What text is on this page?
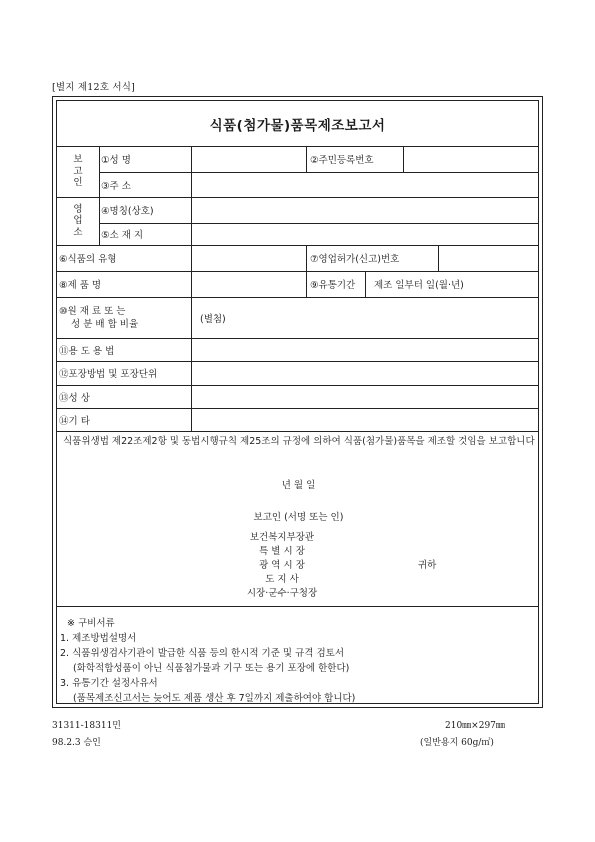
[별지 제12호 서식]
식품(첨가물)품목제조보고서
보
고
인
영
업
소
①성 명	②주민등록번호
③주 소
④명칭(상호)
⑤소 재 지
⑥식품의 유형	⑦영업허가(신고)번호
⑧제 품 명	⑨유통기간	제조 일부터 일(월·년)
⑩원 재 료 또 는
성 분 배 합 비율	(별첨)
⑪용 도 용 법
⑫포장방법 및 포장단위
⑬성 상
⑭기 타
식품위생법 제22조제2항 및 동법시행규칙 제25조의 규정에 의하여 식품(첨가물)품목을 제조할 것임을 보고합니다
년 월 일
보고인 (서명 또는 인)
보건복지부장관
특 별 시 장
광 역 시 장
도 지 사
시장·군수·구청장
귀하
※ 구비서류
1. 제조방법설명서
2. 식품위생검사기관이 발급한 식품 등의 한시적 기준 및 규격 검토서
(화학적합성품이 아닌 식품첨가물과 기구 또는 용기 포장에 한한다)
3. 유통기간 설정사유서
(품목제조신고서는 늦어도 제품 생산 후 7일까지 제출하여야 합니다)
31311-18311민
98.2.3 승인
210㎜×297㎜
(일반용지 60g/㎡)
